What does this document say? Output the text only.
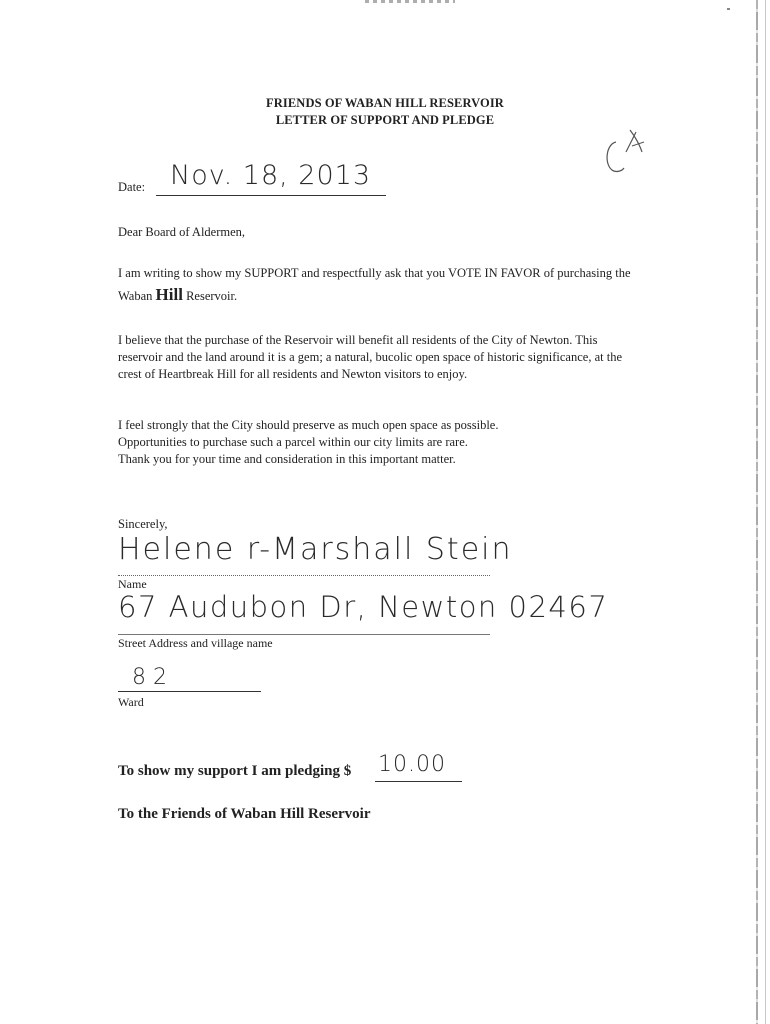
FRIENDS OF WABAN HILL RESERVOIR
LETTER OF SUPPORT AND PLEDGE
Date: Nov. 18, 2013
Dear Board of Aldermen,
I am writing to show my SUPPORT and respectfully ask that you VOTE IN FAVOR of purchasing the Waban Hill Reservoir.
I believe that the purchase of the Reservoir will benefit all residents of the City of Newton. This reservoir and the land around it is a gem; a natural, bucolic open space of historic significance, at the crest of Heartbreak Hill for all residents and Newton visitors to enjoy.
I feel strongly that the City should preserve as much open space as possible.
Opportunities to purchase such a parcel within our city limits are rare.
Thank you for your time and consideration in this important matter.
Sincerely,
Helene r-Marshall Stein
Name
67 Audubon Dr, Newton 02467
Street Address and village name
8 2
Ward
To show my support I am pledging $ 10.00
To the Friends of Waban Hill Reservoir
